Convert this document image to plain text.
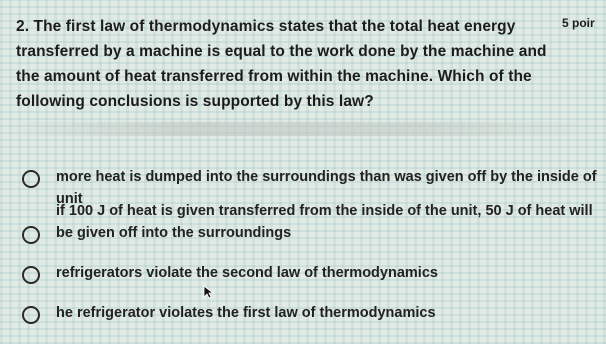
2. The first law of thermodynamics states that the total heat energy transferred by a machine is equal to the work done by the machine and the amount of heat transferred from within the machine. Which of the following conclusions is supported by this law?
5 poir
more heat is dumped into the surroundings than was given off by the inside of unit
if 100 J of heat is given transferred from the inside of the unit, 50 J of heat will be given off into the surroundings
refrigerators violate the second law of thermodynamics
he refrigerator violates the first law of thermodynamics
